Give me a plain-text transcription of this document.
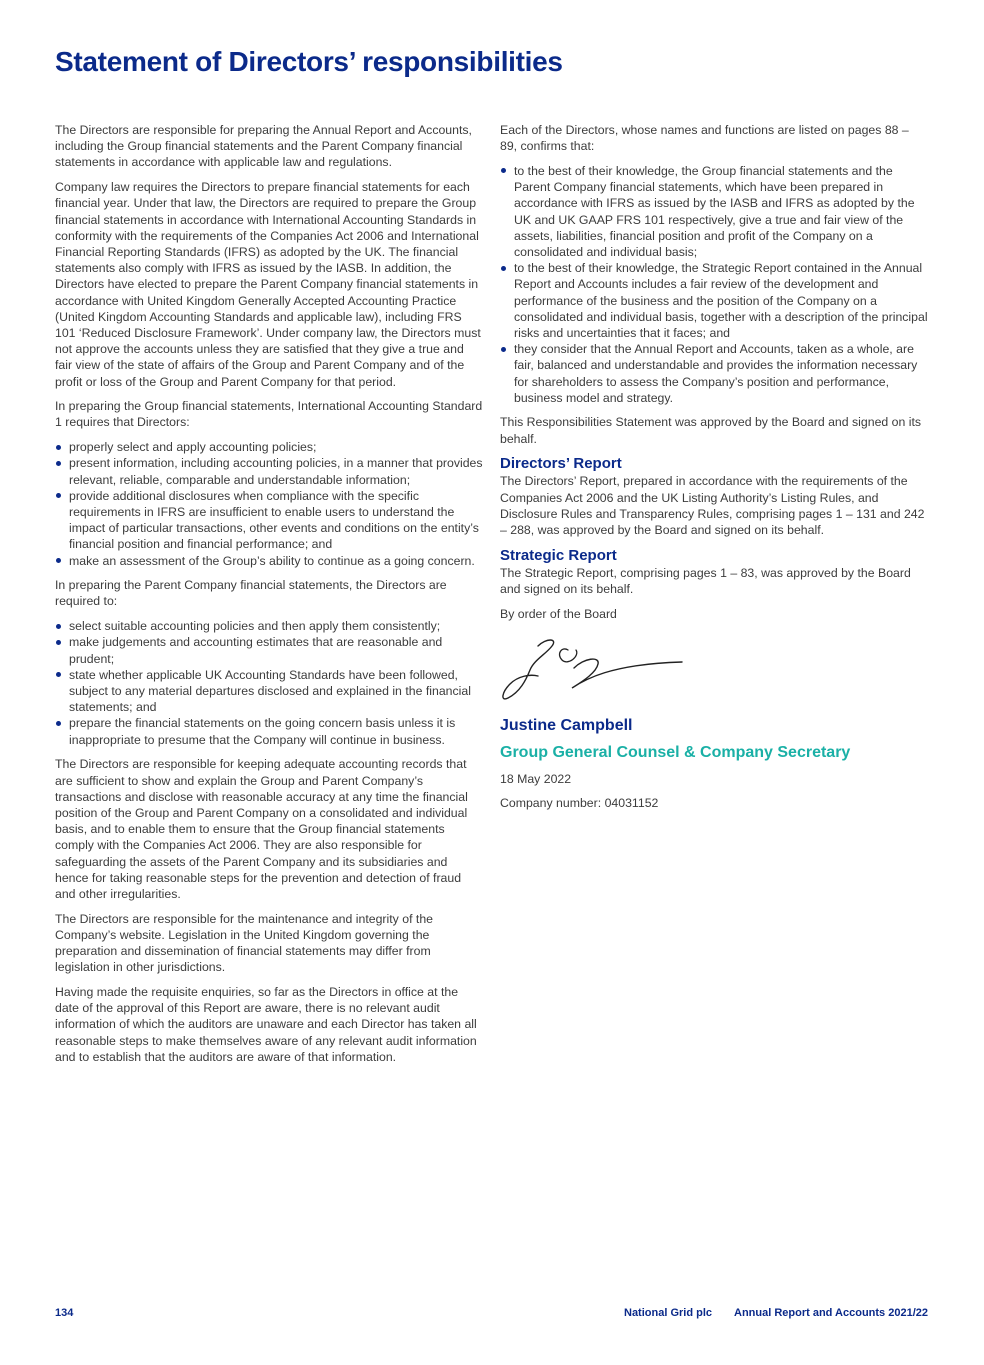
Statement of Directors’ responsibilities

The Directors are responsible for preparing the Annual Report and Accounts, including the Group financial statements and the Parent Company financial statements in accordance with applicable law and regulations.

Company law requires the Directors to prepare financial statements for each financial year. Under that law, the Directors are required to prepare the Group financial statements in accordance with International Accounting Standards in conformity with the requirements of the Companies Act 2006 and International Financial Reporting Standards (IFRS) as adopted by the UK. The financial statements also comply with IFRS as issued by the IASB. In addition, the Directors have elected to prepare the Parent Company financial statements in accordance with United Kingdom Generally Accepted Accounting Practice (United Kingdom Accounting Standards and applicable law), including FRS 101 ‘Reduced Disclosure Framework’. Under company law, the Directors must not approve the accounts unless they are satisfied that they give a true and fair view of the state of affairs of the Group and Parent Company and of the profit or loss of the Group and Parent Company for that period.

In preparing the Group financial statements, International Accounting Standard 1 requires that Directors:

properly select and apply accounting policies;
present information, including accounting policies, in a manner that provides relevant, reliable, comparable and understandable information;
provide additional disclosures when compliance with the specific requirements in IFRS are insufficient to enable users to understand the impact of particular transactions, other events and conditions on the entity’s financial position and financial performance; and
make an assessment of the Group’s ability to continue as a going concern.

In preparing the Parent Company financial statements, the Directors are required to:

select suitable accounting policies and then apply them consistently;
make judgements and accounting estimates that are reasonable and prudent;
state whether applicable UK Accounting Standards have been followed, subject to any material departures disclosed and explained in the financial statements; and
prepare the financial statements on the going concern basis unless it is inappropriate to presume that the Company will continue in business.

The Directors are responsible for keeping adequate accounting records that are sufficient to show and explain the Group and Parent Company’s transactions and disclose with reasonable accuracy at any time the financial position of the Group and Parent Company on a consolidated and individual basis, and to enable them to ensure that the Group financial statements comply with the Companies Act 2006. They are also responsible for safeguarding the assets of the Parent Company and its subsidiaries and hence for taking reasonable steps for the prevention and detection of fraud and other irregularities.

The Directors are responsible for the maintenance and integrity of the Company’s website. Legislation in the United Kingdom governing the preparation and dissemination of financial statements may differ from legislation in other jurisdictions.

Having made the requisite enquiries, so far as the Directors in office at the date of the approval of this Report are aware, there is no relevant audit information of which the auditors are unaware and each Director has taken all reasonable steps to make themselves aware of any relevant audit information and to establish that the auditors are aware of that information.

Each of the Directors, whose names and functions are listed on pages 88 – 89, confirms that:

to the best of their knowledge, the Group financial statements and the Parent Company financial statements, which have been prepared in accordance with IFRS as issued by the IASB and IFRS as adopted by the UK and UK GAAP FRS 101 respectively, give a true and fair view of the assets, liabilities, financial position and profit of the Company on a consolidated and individual basis;
to the best of their knowledge, the Strategic Report contained in the Annual Report and Accounts includes a fair review of the development and performance of the business and the position of the Company on a consolidated and individual basis, together with a description of the principal risks and uncertainties that it faces; and
they consider that the Annual Report and Accounts, taken as a whole, are fair, balanced and understandable and provides the information necessary for shareholders to assess the Company’s position and performance, business model and strategy.

This Responsibilities Statement was approved by the Board and signed on its behalf.

Directors’ Report

The Directors’ Report, prepared in accordance with the requirements of the Companies Act 2006 and the UK Listing Authority’s Listing Rules, and Disclosure Rules and Transparency Rules, comprising pages 1 – 131 and 242 – 288, was approved by the Board and signed on its behalf.

Strategic Report

The Strategic Report, comprising pages 1 – 83, was approved by the Board and signed on its behalf.

By order of the Board

Justine Campbell

Group General Counsel & Company Secretary

18 May 2022

Company number: 04031152

134	National Grid plc Annual Report and Accounts 2021/22
